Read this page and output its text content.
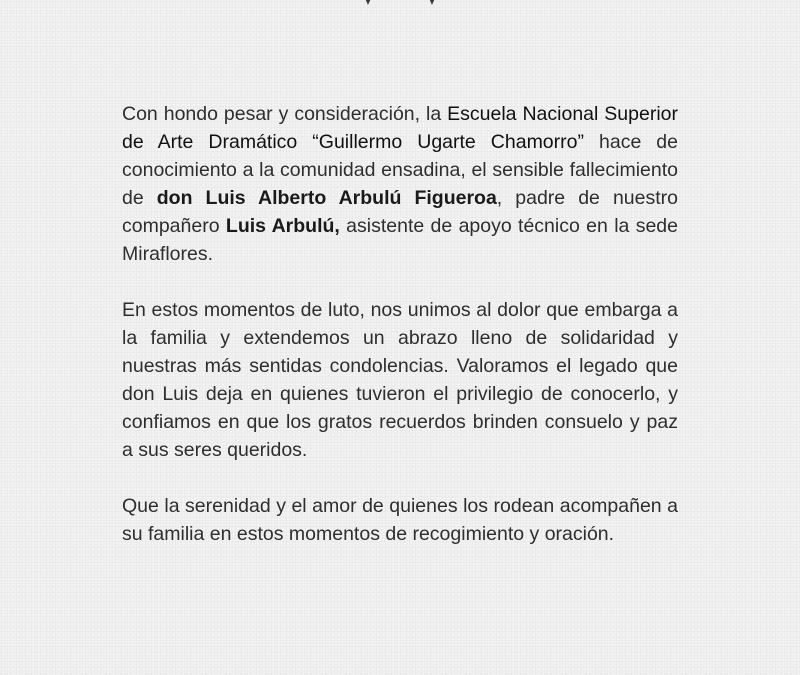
Con hondo pesar y consideración, la Escuela Nacional Superior de Arte Dramático “Guillermo Ugarte Chamorro” hace de conocimiento a la comunidad ensadina, el sensible fallecimiento de don Luis Alberto Arbulú Figueroa, padre de nuestro compañero Luis Arbulú, asistente de apoyo técnico en la sede Miraflores.

En estos momentos de luto, nos unimos al dolor que embarga a la familia y extendemos un abrazo lleno de solidaridad y nuestras más sentidas condolencias. Valoramos el legado que don Luis deja en quienes tuvieron el privilegio de conocerlo, y confiamos en que los gratos recuerdos brinden consuelo y paz a sus seres queridos.

Que la serenidad y el amor de quienes los rodean acompañen a su familia en estos momentos de recogimiento y oración.
